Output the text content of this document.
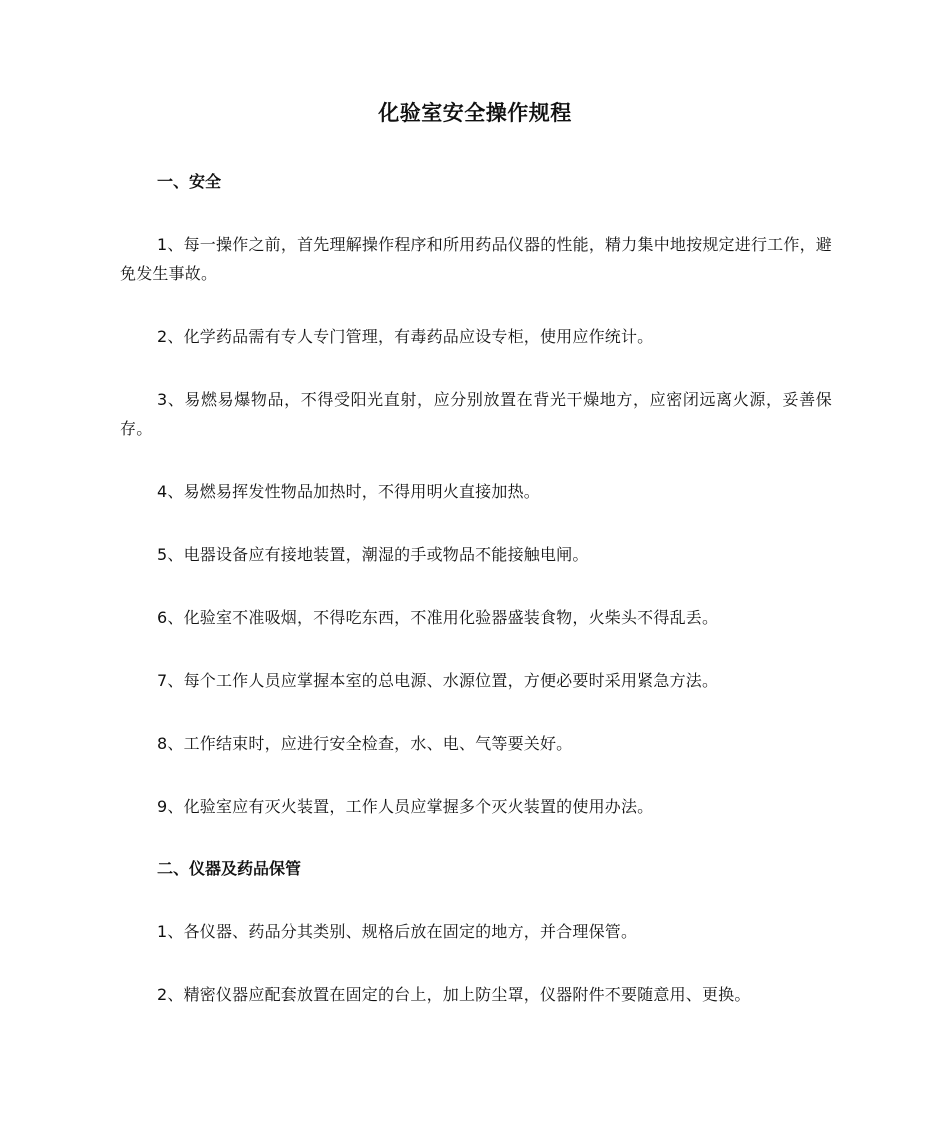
化验室安全操作规程

一、安全

1、每一操作之前，首先理解操作程序和所用药品仪器的性能，精力集中地按规定进行工作，避免发生事故。

2、化学药品需有专人专门管理，有毒药品应设专柜，使用应作统计。

3、易燃易爆物品，不得受阳光直射，应分别放置在背光干燥地方，应密闭远离火源，妥善保存。

4、易燃易挥发性物品加热时，不得用明火直接加热。

5、电器设备应有接地装置，潮湿的手或物品不能接触电闸。

6、化验室不准吸烟，不得吃东西，不准用化验器盛装食物，火柴头不得乱丢。

7、每个工作人员应掌握本室的总电源、水源位置，方便必要时采用紧急方法。

8、工作结束时，应进行安全检查，水、电、气等要关好。

9、化验室应有灭火装置，工作人员应掌握多个灭火装置的使用办法。

二、仪器及药品保管

1、各仪器、药品分其类别、规格后放在固定的地方，并合理保管。

2、精密仪器应配套放置在固定的台上，加上防尘罩，仪器附件不要随意用、更换。
